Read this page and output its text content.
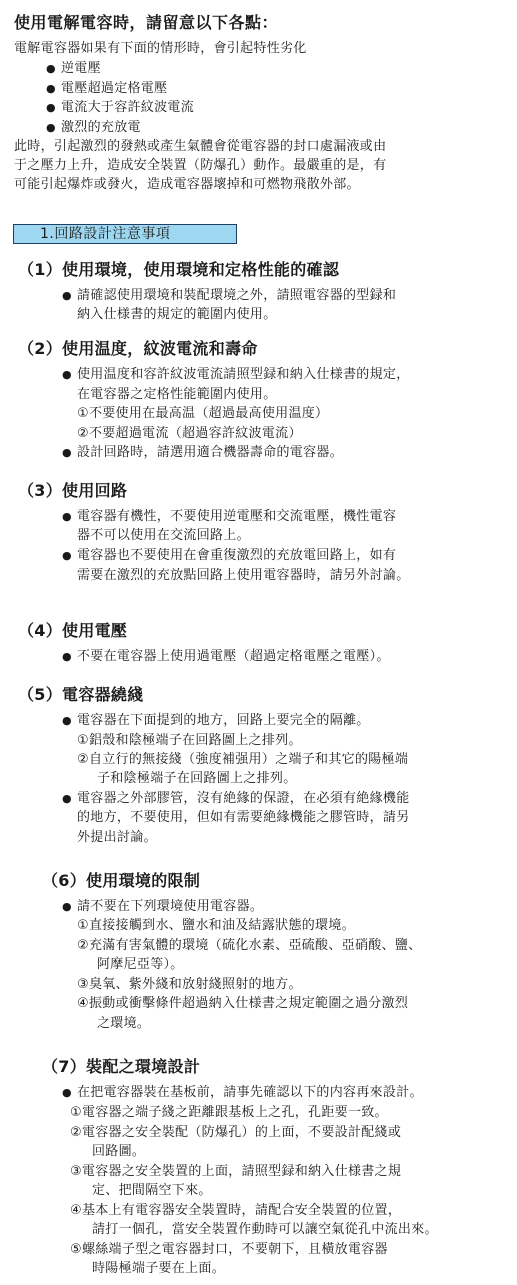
使用電解電容時，請留意以下各點：
電解電容器如果有下面的情形時，會引起特性劣化
● 逆電壓
● 電壓超過定格電壓
● 電流大于容許紋波電流
● 激烈的充放電
此時，引起激烈的發熱或產生氣體會從電容器的封口處漏液或由
于之壓力上升，造成安全裝置（防爆孔）動作。最嚴重的是，有
可能引起爆炸或發火，造成電容器壞掉和可燃物飛散外部。
1.回路設計注意事項
（1）使用環境，使用環境和定格性能的確認
● 請確認使用環境和裝配環境之外，請照電容器的型録和
納入仕様書的規定的範圍内使用。
（2）使用温度，紋波電流和壽命
● 使用温度和容許紋波電流請照型録和納入仕様書的規定，
在電容器之定格性能範圍内使用。
①不要使用在最高温（超過最高使用温度）
②不要超過電流（超過容許紋波電流）
● 設計回路時，請選用適合機器壽命的電容器。
（3）使用回路
● 電容器有機性，不要使用逆電壓和交流電壓，機性電容
器不可以使用在交流回路上。
● 電容器也不要使用在會重復激烈的充放電回路上，如有
需要在激烈的充放點回路上使用電容器時，請另外討論。
（4）使用電壓
● 不要在電容器上使用過電壓（超過定格電壓之電壓）。
（5）電容器繞綫
● 電容器在下面提到的地方，回路上要完全的隔離。
①鋁殼和陰極端子在回路圖上之排列。
②自立行的無接綫（強度補强用）之端子和其它的陽極端
子和陰極端子在回路圖上之排列。
● 電容器之外部膠管，沒有絶緣的保證，在必須有絶緣機能
的地方，不要使用，但如有需要絶緣機能之膠管時，請另
外提出討論。
（6）使用環境的限制
● 請不要在下列環境使用電容器。
①直接接觸到水、鹽水和油及結露狀態的環境。
②充滿有害氣體的環境（硫化水素、亞硫酸、亞硝酸、鹽、
阿摩尼亞等）。
③臭氧、紫外綫和放射綫照射的地方。
④振動或衝擊條件超過納入仕様書之規定範圍之過分激烈
之環境。
（7）裝配之環境設計
● 在把電容器裝在基板前，請事先確認以下的内容再來設計。
①電容器之端子綫之距離跟基板上之孔，孔距要一致。
②電容器之安全裝配（防爆孔）的上面，不要設計配綫或
回路圖。
③電容器之安全裝置的上面，請照型録和納入仕様書之規
定、把間隔空下來。
④基本上有電容器安全裝置時，請配合安全裝置的位置，
請打一個孔，當安全裝置作動時可以讓空氣從孔中流出來。
⑤螺絲端子型之電容器封口，不要朝下，且橫放電容器
時陽極端子要在上面。
